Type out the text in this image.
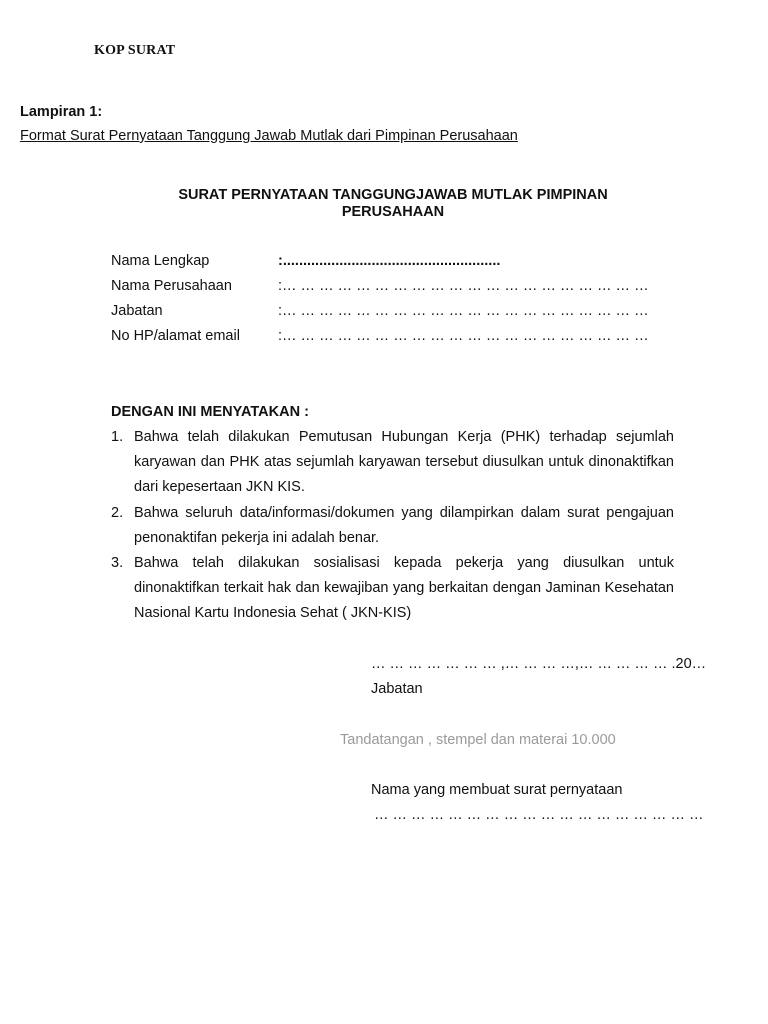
KOP SURAT
Lampiran 1:
Format Surat Pernyataan Tanggung Jawab Mutlak dari Pimpinan Perusahaan
SURAT PERNYATAAN TANGGUNGJAWAB MUTLAK PIMPINAN
PERUSAHAAN
Nama Lengkap	:......................................................
Nama Perusahaan	:… … … … … … … … … … … … … … … … … … … …
Jabatan	:… … … … … … … … … … … … … … … … … … … …
No HP/alamat email	:… … … … … … … … … … … … … … … … … … … …
DENGAN INI MENYATAKAN :
1. Bahwa telah dilakukan Pemutusan Hubungan Kerja (PHK) terhadap sejumlah karyawan dan PHK atas sejumlah karyawan tersebut diusulkan untuk dinonaktifkan dari kepesertaan JKN KIS.
2. Bahwa seluruh data/informasi/dokumen yang dilampirkan dalam surat pengajuan penonaktifan pekerja ini adalah benar.
3. Bahwa telah dilakukan sosialisasi kepada pekerja yang diusulkan untuk dinonaktifkan terkait hak dan kewajiban yang berkaitan dengan Jaminan Kesehatan Nasional Kartu Indonesia Sehat ( JKN-KIS)
… … … … … … … ,… … … …,… … … … … .20…
Jabatan
Tandatangan , stempel dan materai 10.000
Nama yang membuat surat pernyataan
… … … … … … … … … … … … … … … … … …
